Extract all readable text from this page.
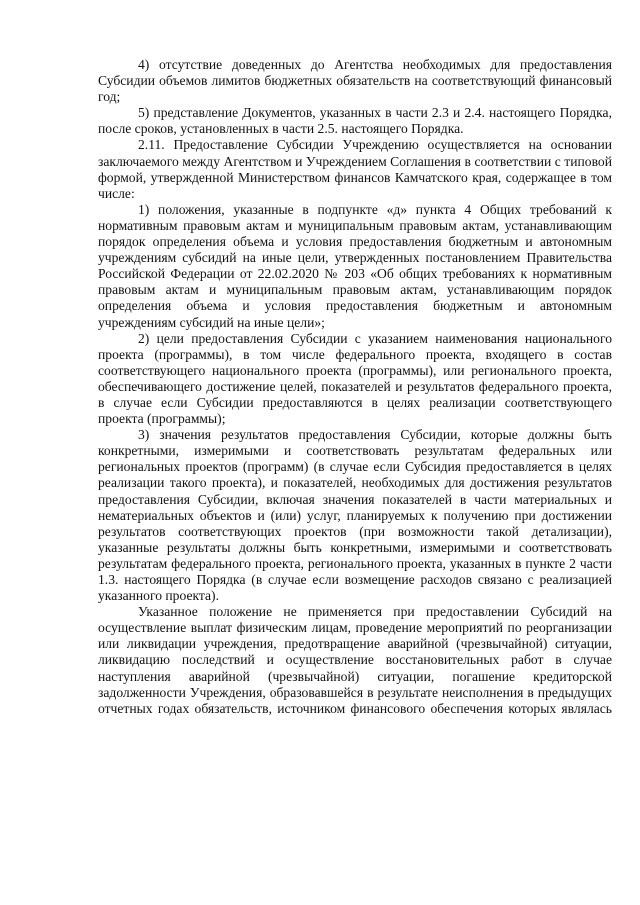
4) отсутствие доведенных до Агентства необходимых для предоставления Субсидии объемов лимитов бюджетных обязательств на соответствующий финансовый год;

5) представление Документов, указанных в части 2.3 и 2.4. настоящего Порядка, после сроков, установленных в части 2.5. настоящего Порядка.

2.11. Предоставление Субсидии Учреждению осуществляется на основании заключаемого между Агентством и Учреждением Соглашения в соответствии с типовой формой, утвержденной Министерством финансов Камчатского края, содержащее в том числе:

1) положения, указанные в подпункте «д» пункта 4 Общих требований к нормативным правовым актам и муниципальным правовым актам, устанавливающим порядок определения объема и условия предоставления бюджетным и автономным учреждениям субсидий на иные цели, утвержденных постановлением Правительства Российской Федерации от 22.02.2020 № 203 «Об общих требованиях к нормативным правовым актам и муниципальным правовым актам, устанавливающим порядок определения объема и условия предоставления бюджетным и автономным учреждениям субсидий на иные цели»;

2) цели предоставления Субсидии с указанием наименования национального проекта (программы), в том числе федерального проекта, входящего в состав соответствующего национального проекта (программы), или регионального проекта, обеспечивающего достижение целей, показателей и результатов федерального проекта, в случае если Субсидии предоставляются в целях реализации соответствующего проекта (программы);

3) значения результатов предоставления Субсидии, которые должны быть конкретными, измеримыми и соответствовать результатам федеральных или региональных проектов (программ) (в случае если Субсидия предоставляется в целях реализации такого проекта), и показателей, необходимых для достижения результатов предоставления Субсидии, включая значения показателей в части материальных и нематериальных объектов и (или) услуг, планируемых к получению при достижении результатов соответствующих проектов (при возможности такой детализации), указанные результаты должны быть конкретными, измеримыми и соответствовать результатам федерального проекта, регионального проекта, указанных в пункте 2 части 1.3. настоящего Порядка (в случае если возмещение расходов связано с реализацией указанного проекта).

Указанное положение не применяется при предоставлении Субсидий на осуществление выплат физическим лицам, проведение мероприятий по реорганизации или ликвидации учреждения, предотвращение аварийной (чрезвычайной) ситуации, ликвидацию последствий и осуществление восстановительных работ в случае наступления аварийной (чрезвычайной) ситуации, погашение кредиторской задолженности Учреждения, образовавшейся в результате неисполнения в предыдущих отчетных годах обязательств, источником финансового обеспечения которых являлась
